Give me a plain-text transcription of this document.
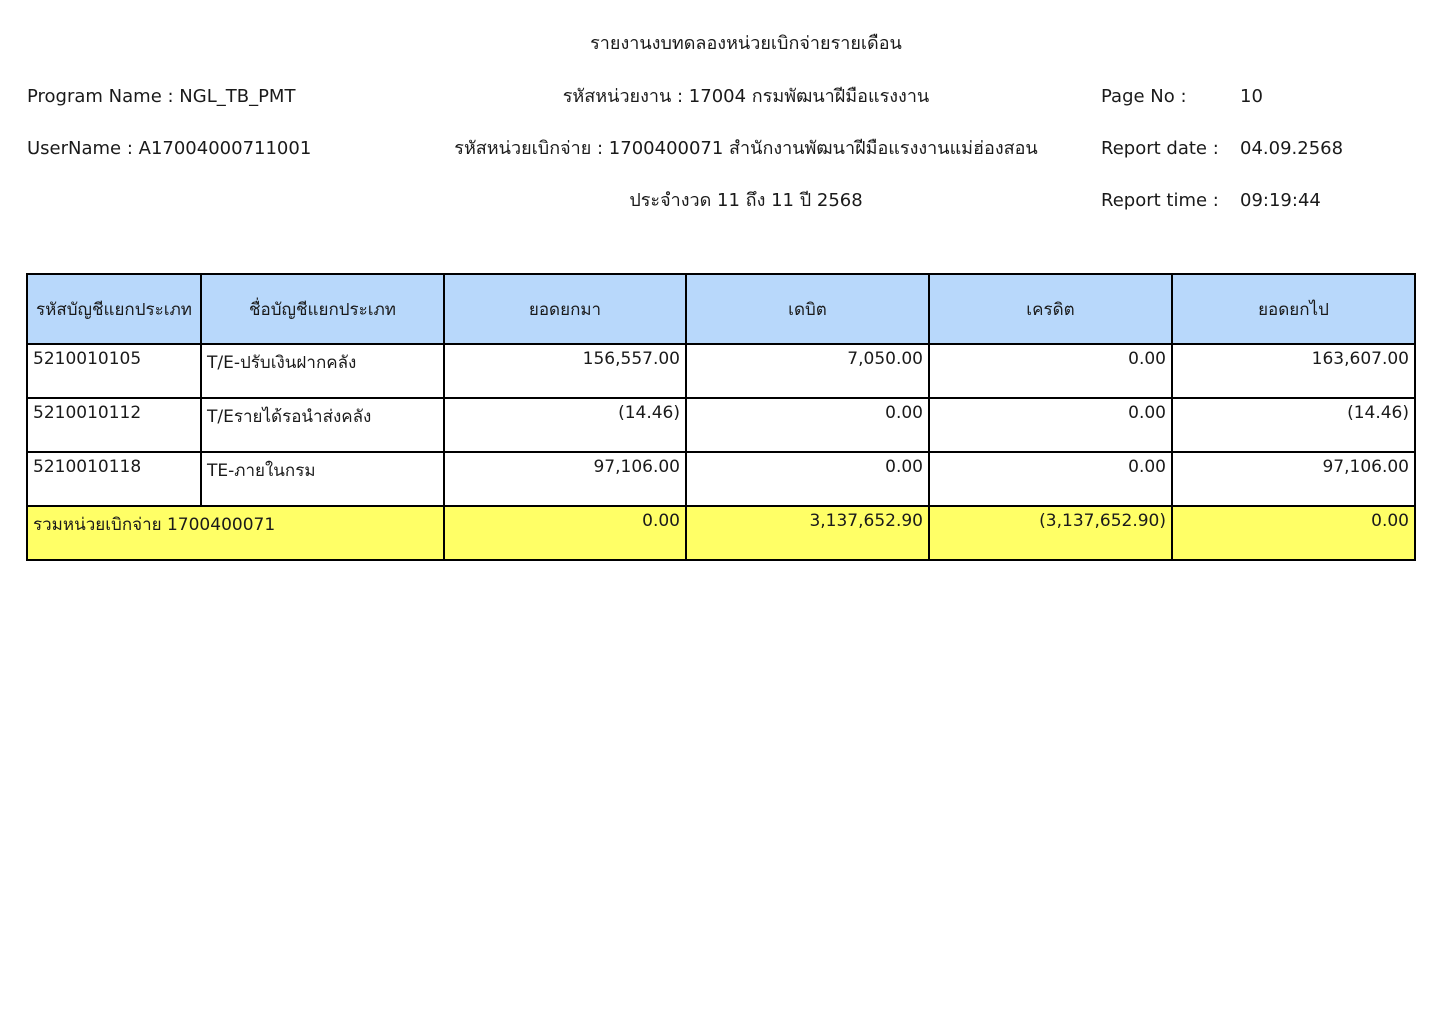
รายงานงบทดลองหน่วยเบิกจ่ายรายเดือน
Program Name : NGL_TB_PMT	รหัสหน่วยงาน : 17004 กรมพัฒนาฝีมือแรงงาน	Page No :	10
UserName : A17004000711001	รหัสหน่วยเบิกจ่าย : 1700400071 สำนักงานพัฒนาฝีมือแรงงานแม่ฮ่องสอน	Report date : 04.09.2568
ประจำงวด 11 ถึง 11 ปี 2568	Report time : 09:19:44
รหัสบัญชีแยกประเภท	ชื่อบัญชีแยกประเภท	ยอดยกมา	เดบิต	เครดิต	ยอดยกไป
5210010105	T/E-ปรับเงินฝากคลัง	156,557.00	7,050.00	0.00	163,607.00
5210010112	T/Eรายได้รอนำส่งคลัง	(14.46)	0.00	0.00	(14.46)
5210010118	TE-ภายในกรม	97,106.00	0.00	0.00	97,106.00
รวมหน่วยเบิกจ่าย 1700400071		0.00	3,137,652.90	(3,137,652.90)	0.00
